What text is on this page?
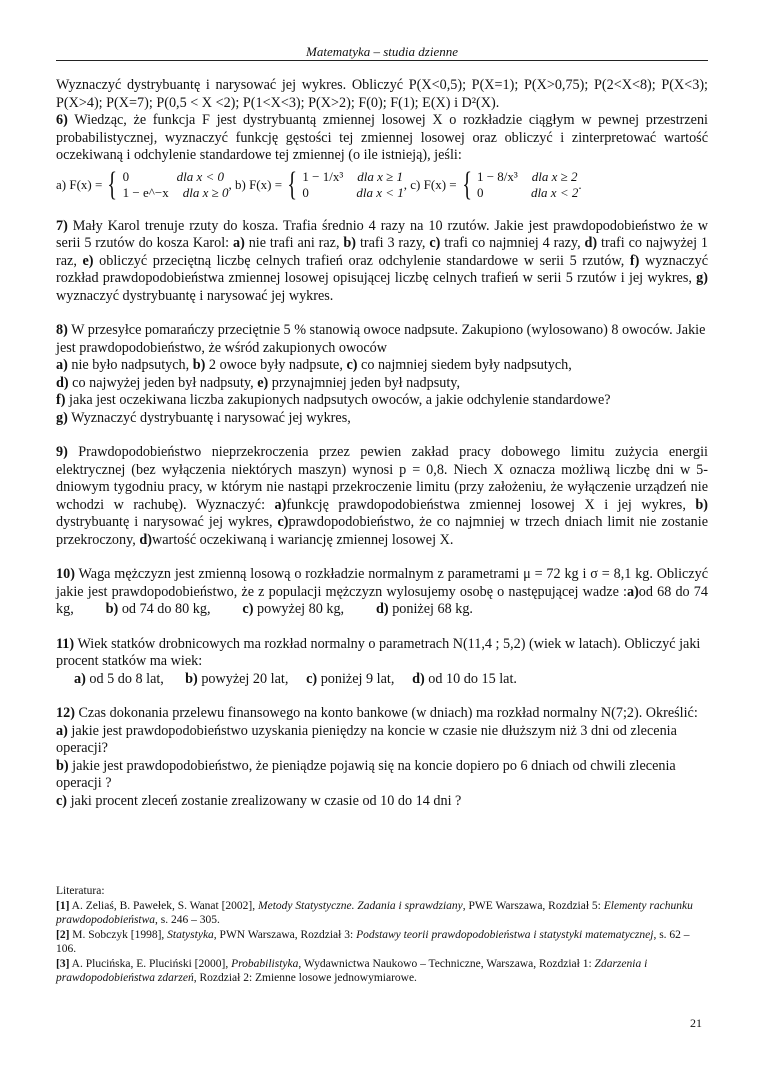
Matematyka – studia dzienne

Wyznaczyć dystrybuantę i narysować jej wykres. Obliczyć P(X<0,5); P(X=1); P(X>0,75); P(2<X<8); P(X<3); P(X>4); P(X=7); P(0,5 < X <2); P(1<X<3); P(X>2); F(0); F(1); E(X) i D²(X).

6) Wiedząc, że funkcja F jest dystrybuantą zmiennej losowej X o rozkładzie ciągłym w pewnej przestrzeni probabilistycznej, wyznaczyć funkcję gęstości tej zmiennej losowej oraz obliczyć i zinterpretować wartość oczekiwaną i odchylenie standardowe tej zmiennej (o ile istnieją), jeśli:

a) F(x) = { 0	dla x < 0
1 − e^−x dla x ≥ 0
, b) F(x) = { 1 − 1/x³ dla x ≥ 1
0	dla x < 1
, c) F(x) = { 1 − 8/x³ dla x ≥ 2
0	dla x < 2
.
7) Mały Karol trenuje rzuty do kosza. Trafia średnio 4 razy na 10 rzutów. Jakie jest prawdopodobieństwo że w serii 5 rzutów do kosza Karol: a) nie trafi ani raz, b) trafi 3 razy, c) trafi co najmniej 4 razy, d) trafi co najwyżej 1 raz, e) obliczyć przeciętną liczbę celnych trafień oraz odchylenie standardowe w serii 5 rzutów, f) wyznaczyć rozkład prawdopodobieństwa zmiennej losowej opisującej liczbę celnych trafień w serii 5 rzutów i jej wykres, g) wyznaczyć dystrybuantę i narysować jej wykres.

8) W przesyłce pomarańczy przeciętnie 5 % stanowią owoce nadpsute. Zakupiono (wylosowano) 8 owoców. Jakie jest prawdopodobieństwo, że wśród zakupionych owoców

a) nie było nadpsutych, b) 2 owoce były nadpsute, c) co najmniej siedem były nadpsutych,

d) co najwyżej jeden był nadpsuty, e) przynajmniej jeden był nadpsuty,

f) jaka jest oczekiwana liczba zakupionych nadpsutych owoców, a jakie odchylenie standardowe?

g) Wyznaczyć dystrybuantę i narysować jej wykres,

9) Prawdopodobieństwo nieprzekroczenia przez pewien zakład pracy dobowego limitu zużycia energii elektrycznej (bez wyłączenia niektórych maszyn) wynosi p = 0,8. Niech X oznacza możliwą liczbę dni w 5-dniowym tygodniu pracy, w którym nie nastąpi przekroczenie limitu (przy założeniu, że wyłączenie urządzeń nie wchodzi w rachubę). Wyznaczyć: a)funkcję prawdopodobieństwa zmiennej losowej X i jej wykres, b) dystrybuantę i narysować jej wykres, c)prawdopodobieństwo, że co najmniej w trzech dniach limit nie zostanie przekroczony, d)wartość oczekiwaną i wariancję zmiennej losowej X.
10) Waga mężczyzn jest zmienną losową o rozkładzie normalnym z parametrami μ = 72 kg i σ = 8,1 kg. Obliczyć jakie jest prawdopodobieństwo, że z populacji mężczyzn wylosujemy osobę o następującej wadze :a)od 68 do 74 kg, b) od 74 do 80 kg, c) powyżej 80 kg, d) poniżej 68 kg.

11) Wiek statków drobnicowych ma rozkład normalny o parametrach N(11,4 ; 5,2) (wiek w latach). Obliczyć jaki procent statków ma wiek:

a) od 5 do 8 lat, b) powyżej 20 lat, c) poniżej 9 lat, d) od 10 do 15 lat.

12) Czas dokonania przelewu finansowego na konto bankowe (w dniach) ma rozkład normalny N(7;2). Określić:

a) jakie jest prawdopodobieństwo uzyskania pieniędzy na koncie w czasie nie dłuższym niż 3 dni od zlecenia operacji?

b) jakie jest prawdopodobieństwo, że pieniądze pojawią się na koncie dopiero po 6 dniach od chwili zlecenia operacji ?

c) jaki procent zleceń zostanie zrealizowany w czasie od 10 do 14 dni ?

Literatura:

[1] A. Zeliaś, B. Pawełek, S. Wanat [2002], Metody Statystyczne. Zadania i sprawdziany, PWE Warszawa, Rozdział 5: Elementy rachunku prawdopodobieństwa, s. 246 – 305.

[2] M. Sobczyk [1998], Statystyka, PWN Warszawa, Rozdział 3: Podstawy teorii prawdopodobieństwa i statystyki matematycznej, s. 62 – 106.

[3] A. Plucińska, E. Pluciński [2000], Probabilistyka, Wydawnictwa Naukowo – Techniczne, Warszawa, Rozdział 1: Zdarzenia i prawdopodobieństwa zdarzeń, Rozdział 2: Zmienne losowe jednowymiarowe.

21
